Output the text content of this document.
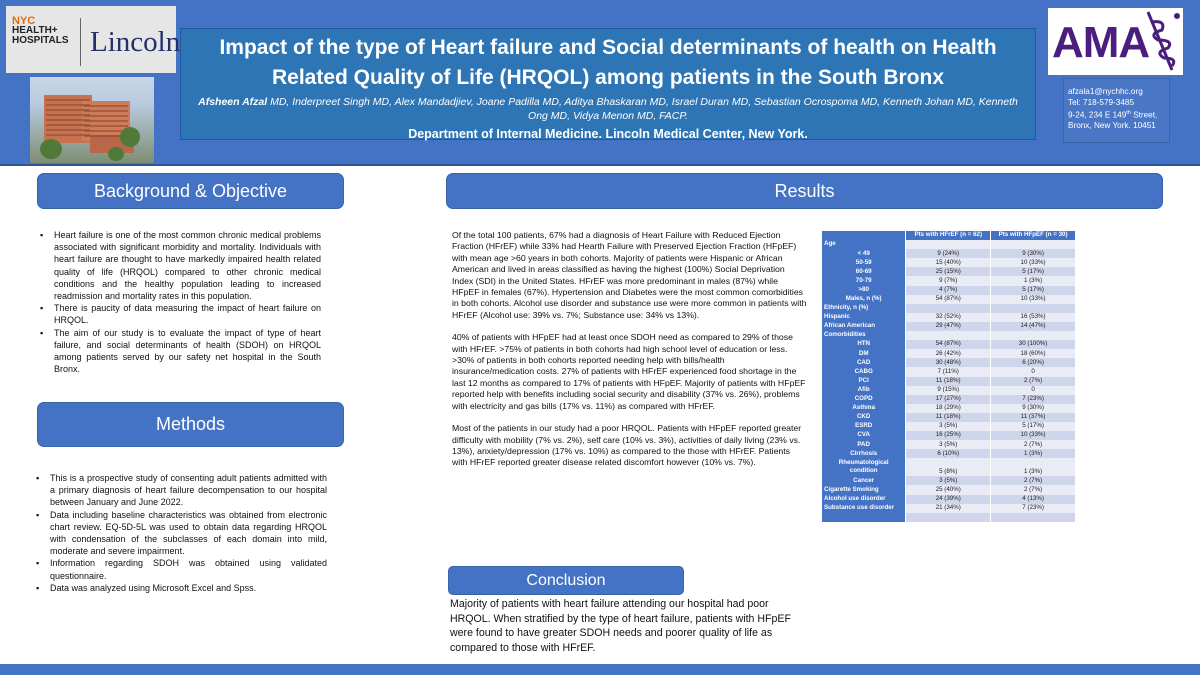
NYC
HEALTH+
HOSPITALS Lincoln	Impact of the type of Heart failure and Social determinants of health on Health
Related Quality of Life (HRQOL) among patients in the South Bronx
Afsheen Afzal MD, Inderpreet Singh MD, Alex Mandadjiev, Joane Padilla MD, Aditya Bhaskaran MD, Israel Duran MD, Sebastian Ocrospoma MD, Kenneth Johan MD, Kenneth Ong MD, Vidya Menon MD, FACP.
Department of Internal Medicine. Lincoln Medical Center, New York.
AMA
afzala1@nychhc.org
Tel: 718-579-3485
9-24, 234 E 149th Street,
Bronx, New York. 10451
Background & Objective
▪ Heart failure is one of the most common chronic medical problems associated with significant morbidity and mortality. Individuals with heart failure are thought to have markedly impaired health related quality of life (HRQOL) compared to other chronic medical conditions and the healthy population leading to increased readmission and mortality rates in this population.
▪ There is paucity of data measuring the impact of heart failure on HRQOL.
▪ The aim of our study is to evaluate the impact of type of heart failure, and social determinants of health (SDOH) on HRQOL among patients served by our safety net hospital in the South Bronx.
Methods
▪ This is a prospective study of consenting adult patients admitted with a primary diagnosis of heart failure decompensation to our hospital between January and June 2022.
▪ Data including baseline characteristics was obtained from electronic chart review. EQ-5D-5L was used to obtain data regarding HRQOL with condensation of the subclasses of each domain into mild, moderate and severe impairment.
▪ Information regarding SDOH was obtained using validated questionnaire.
▪ Data was analyzed using Microsoft Excel and Spss.
Results

Of the total 100 patients, 67% had a diagnosis of Heart Failure with Reduced Ejection Fraction (HFrEF) while 33% had Hearth Failure with Preserved Ejection Fraction (HFpEF) with mean age >60 years in both cohorts. Majority of patients were Hispanic or African American and lived in areas classified as having the highest (100%) Social Deprivation Index (SDI) in the United States. HFrEF was more predominant in males (87%) while HFpEF in females (67%). Hypertension and Diabetes were the most common comorbidities in both cohorts. Alcohol use disorder and substance use were more common in patients with HFrEF (Alcohol use: 39% vs. 7%; Substance use: 34% vs 13%).

40% of patients with HFpEF had at least once SDOH need as compared to 29% of those with HFrEF. >75% of patients in both cohorts had high school level of education or less. >30% of patients in both cohorts reported needing help with bills/health insurance/medication costs. 27% of patients with HFrEF experienced food shortage in the last 12 months as compared to 17% of patients with HFpEF. Majority of patients with HFpEF reported help with benefits including social security and disability (37% vs. 26%), problems with electricity and gas bills (17% vs. 11%) as compared with HFrEF.

Most of the patients in our study had a poor HRQOL. Patients with HFpEF reported greater difficulty with mobility (7% vs. 2%), self care (10% vs. 3%), activities of daily living (23% vs. 13%), anxiety/depression (17% vs. 10%) as compared to the those with HFrEF. Patients with HFrEF reported greater disease related discomfort however (10% vs. 7%).

	Pts with HFrEF (n = 62)	Pts with HFpEF (n = 30)
Age		
< 49	9 (24%)	9 (30%)
50-59	15 (40%)	10 (33%)
60-69	25 (15%)	5 (17%)
70-79	9 (7%)	1 (3%)
>80	4 (7%)	5 (17%)
Males, n (%)	54 (87%)	10 (33%)
Ethnicity, n (%)		
Hispanic	32 (52%)	16 (53%)
African American	29 (47%)	14 (47%)
Comorbidities		
HTN	54 (87%)	30 (100%)
DM	26 (42%)	18 (60%)
CAD	30 (48%)	6 (20%)
CABG	7 (11%)	0
PCI	11 (18%)	2 (7%)
Afib	9 (15%)	0
COPD	17 (27%)	7 (23%)
Asthma	18 (29%)	9 (30%)
CKD	11 (18%)	11 (37%)
ESRD	3 (5%)	5 (17%)
CVA	16 (25%)	10 (33%)
PAD	3 (5%)	2 (7%)
Cirrhosis	6 (10%)	1 (3%)
Rheumatological condition	5 (8%)	1 (3%)
Cancer	3 (5%)	2 (7%)
Cigarette Smoking	25 (40%)	2 (7%)
Alcohol use disorder	24 (39%)	4 (13%)
Substance use disorder	21 (34%)	7 (23%)

Conclusion
Majority of patients with heart failure attending our hospital had poor HRQOL. When stratified by the type of heart failure, patients with HFpEF were found to have greater SDOH needs and poorer quality of life as compared to those with HFrEF.
